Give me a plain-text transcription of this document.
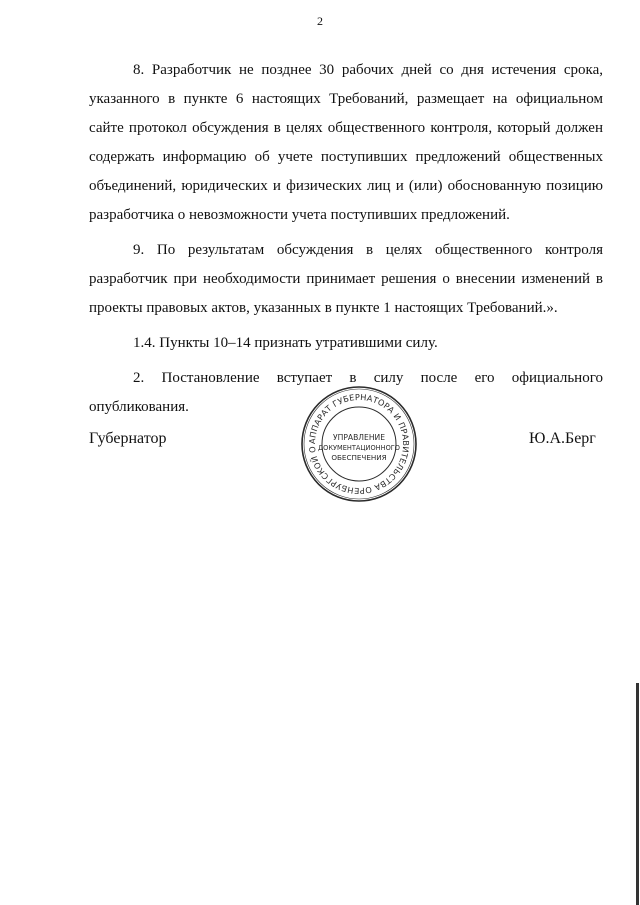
2

8. Разработчик не позднее 30 рабочих дней со дня истечения срока, указанного в пункте 6 настоящих Требований, размещает на официальном сайте протокол обсуждения в целях общественного контроля, который должен содержать информацию об учете поступивших предложений общественных объединений, юридических и физических лиц и (или) обоснованную позицию разработчика о невозможности учета поступивших предложений.

9. По результатам обсуждения в целях общественного контроля разработчик при необходимости принимает решения о внесении изменений в проекты правовых актов, указанных в пункте 1 настоящих Требований.».

1.4. Пункты 10–14 признать утратившими силу.

2. Постановление вступает в силу после его официального опубликования.

Губернатор	Ю.А.Берг
АППАРАТ ГУБЕРНАТОРА И ПРАВИТЕЛЬСТВА ОРЕНБУРГСКОЙ О
УПРАВЛЕНИЕ
ДОКУМЕНТАЦИОННОГО
ОБЕСПЕЧЕНИЯ
